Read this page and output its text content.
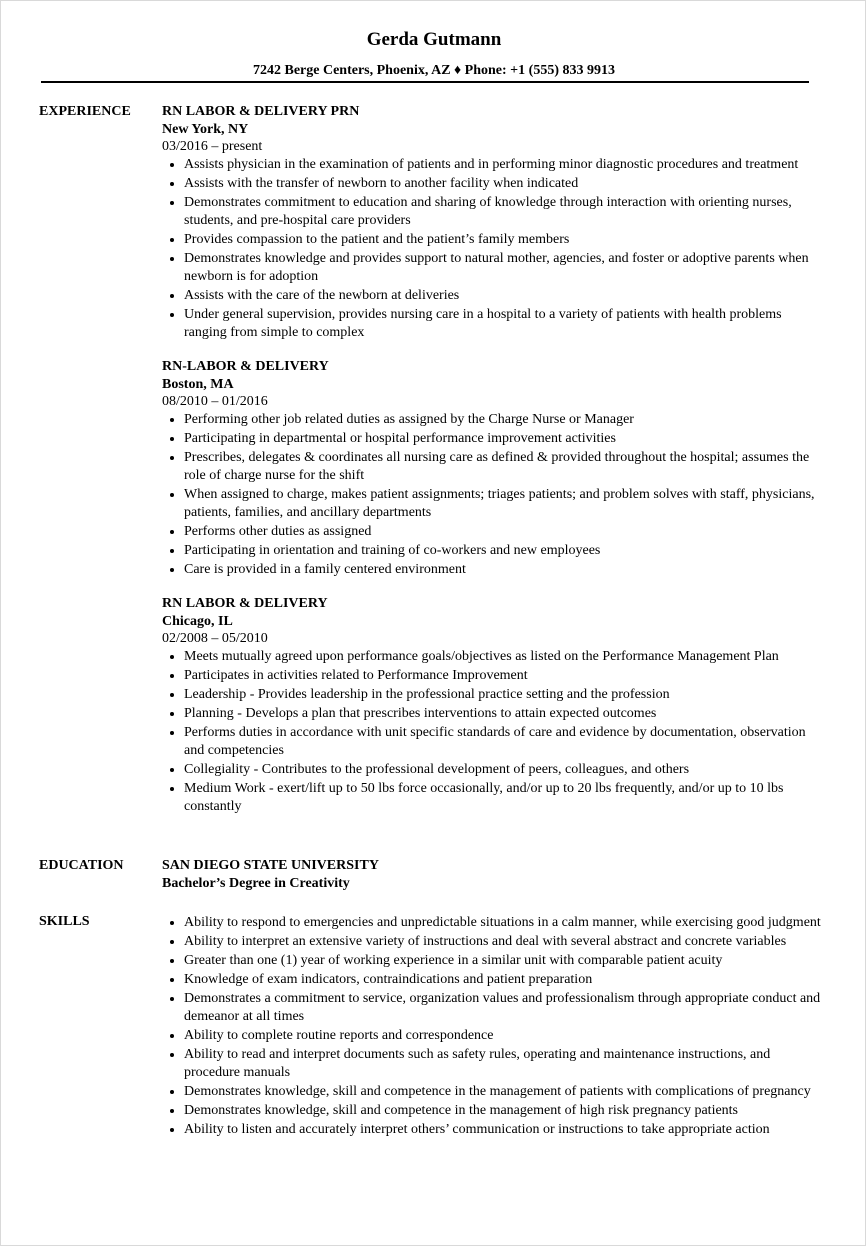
Gerda Gutmann
7242 Berge Centers, Phoenix, AZ ♦ Phone: +1 (555) 833 9913
EXPERIENCE	RN LABOR & DELIVERY PRN
New York, NY
03/2016 – present
• Assists physician in the examination of patients and in performing minor diagnostic procedures and treatment
• Assists with the transfer of newborn to another facility when indicated
• Demonstrates commitment to education and sharing of knowledge through interaction with orienting nurses, students, and pre-hospital care providers
• Provides compassion to the patient and the patient’s family members
• Demonstrates knowledge and provides support to natural mother, agencies, and foster or adoptive parents when newborn is for adoption
• Assists with the care of the newborn at deliveries
• Under general supervision, provides nursing care in a hospital to a variety of patients with health problems ranging from simple to complex
RN-LABOR & DELIVERY
Boston, MA
08/2010 – 01/2016
• Performing other job related duties as assigned by the Charge Nurse or Manager
• Participating in departmental or hospital performance improvement activities
• Prescribes, delegates & coordinates all nursing care as defined & provided throughout the hospital; assumes the role of charge nurse for the shift
• When assigned to charge, makes patient assignments; triages patients; and problem solves with staff, physicians, patients, families, and ancillary departments
• Performs other duties as assigned
• Participating in orientation and training of co-workers and new employees
• Care is provided in a family centered environment
RN LABOR & DELIVERY
Chicago, IL
02/2008 – 05/2010
• Meets mutually agreed upon performance goals/objectives as listed on the Performance Management Plan
• Participates in activities related to Performance Improvement
• Leadership - Provides leadership in the professional practice setting and the profession
• Planning - Develops a plan that prescribes interventions to attain expected outcomes
• Performs duties in accordance with unit specific standards of care and evidence by documentation, observation and competencies
• Collegiality - Contributes to the professional development of peers, colleagues, and others
• Medium Work - exert/lift up to 50 lbs force occasionally, and/or up to 20 lbs frequently, and/or up to 10 lbs constantly
EDUCATION	SAN DIEGO STATE UNIVERSITY
Bachelor’s Degree in Creativity
SKILLS
•	Ability to respond to emergencies and unpredictable situations in a calm manner, while exercising good judgment
• Ability to interpret an extensive variety of instructions and deal with several abstract and concrete variables
• Greater than one (1) year of working experience in a similar unit with comparable patient acuity
• Knowledge of exam indicators, contraindications and patient preparation
• Demonstrates a commitment to service, organization values and professionalism through appropriate conduct and demeanor at all times
• Ability to complete routine reports and correspondence
• Ability to read and interpret documents such as safety rules, operating and maintenance instructions, and procedure manuals
• Demonstrates knowledge, skill and competence in the management of patients with complications of pregnancy
• Demonstrates knowledge, skill and competence in the management of high risk pregnancy patients
• Ability to listen and accurately interpret others’ communication or instructions to take appropriate action
